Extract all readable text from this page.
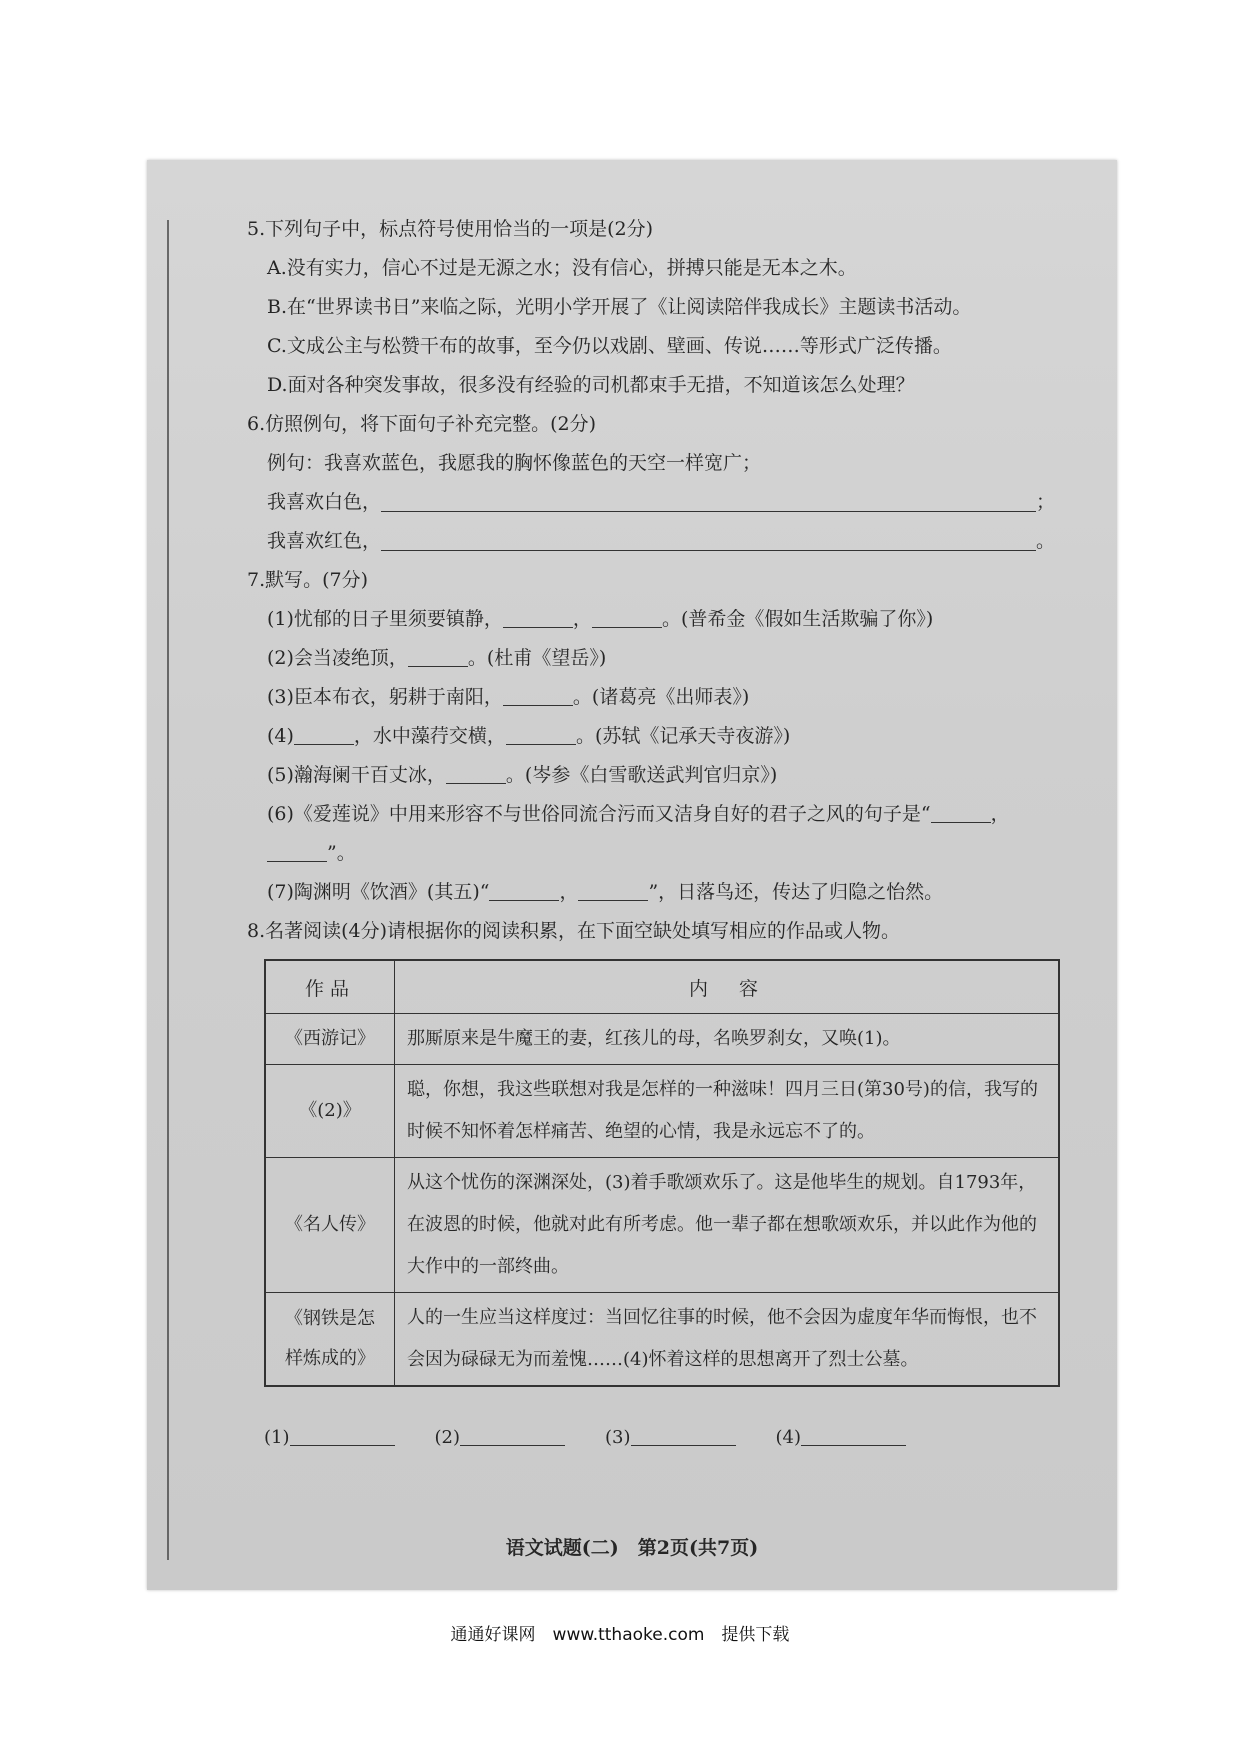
5.下列句子中，标点符号使用恰当的一项是(2分)
A.没有实力，信心不过是无源之水；没有信心，拼搏只能是无本之木。
B.在“世界读书日”来临之际，光明小学开展了《让阅读陪伴我成长》主题读书活动。
C.文成公主与松赞干布的故事，至今仍以戏剧、壁画、传说……等形式广泛传播。
D.面对各种突发事故，很多没有经验的司机都束手无措，不知道该怎么处理？
6.仿照例句，将下面句子补充完整。(2分)
例句：我喜欢蓝色，我愿我的胸怀像蓝色的天空一样宽广；
我喜欢白色，	；
我喜欢红色，	。
7.默写。(7分)
(1)忧郁的日子里须要镇静，	，	。(普希金《假如生活欺骗了你》)
(2)会当凌绝顶，	。(杜甫《望岳》)
(3)臣本布衣，躬耕于南阳，	。(诸葛亮《出师表》)
(4)	，水中藻荇交横，	。(苏轼《记承天寺夜游》)
(5)瀚海阑干百丈冰，	。(岑参《白雪歌送武判官归京》)
(6)《爱莲说》中用来形容不与世俗同流合污而又洁身自好的君子之风的句子是“	，
”。
(7)陶渊明《饮酒》(其五)“	，	”，日落鸟还，传达了归隐之怡然。
8.名著阅读(4分)请根据你的阅读积累，在下面空缺处填写相应的作品或人物。
作品	内　容
《西游记》	那厮原来是牛魔王的妻，红孩儿的母，名唤罗刹女，又唤(1)。
《(2)》	聪，你想，我这些联想对我是怎样的一种滋味！四月三日(第30号)的信，我写的时候不知怀着怎样痛苦、绝望的心情，我是永远忘不了的。
《名人传》	从这个忧伤的深渊深处，(3)着手歌颂欢乐了。这是他毕生的规划。自1793年，在波恩的时候，他就对此有所考虑。他一辈子都在想歌颂欢乐，并以此作为他的大作中的一部终曲。
《钢铁是怎样炼成的》	人的一生应当这样度过：当回忆往事的时候，他不会因为虚度年华而悔恨，也不会因为碌碌无为而羞愧……(4)怀着这样的思想离开了烈士公墓。
(1)	(2)	(3)	(4)
语文试题(二)　第2页(共7页)
通通好课网　www.tthaoke.com　提供下载
